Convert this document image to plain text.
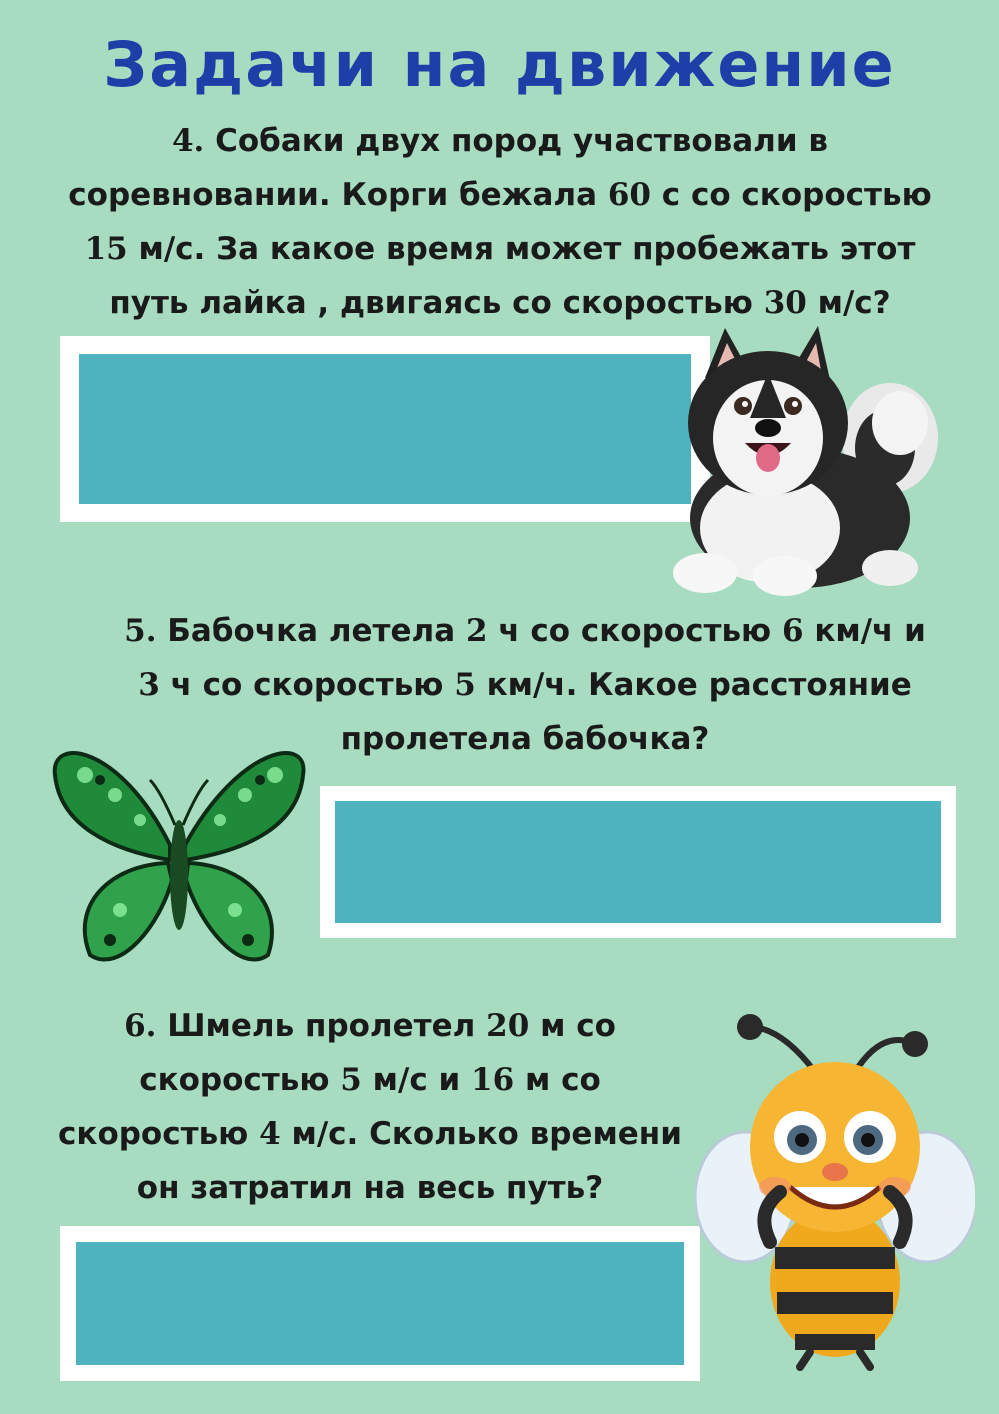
Задачи на движение
4. Собаки двух пород участвовали в
соревновании. Корги бежала 60 с со скоростью
15 м/с. За какое время может пробежать этот
путь лайка , двигаясь со скоростью 30 м/с?
5. Бабочка летела 2 ч со скоростью 6 км/ч и
3 ч со скоростью 5 км/ч. Какое расстояние
пролетела бабочка?
6. Шмель пролетел 20 м со
скоростью 5 м/с и 16 м со
скоростью 4 м/с. Сколько времени
он затратил на весь путь?
